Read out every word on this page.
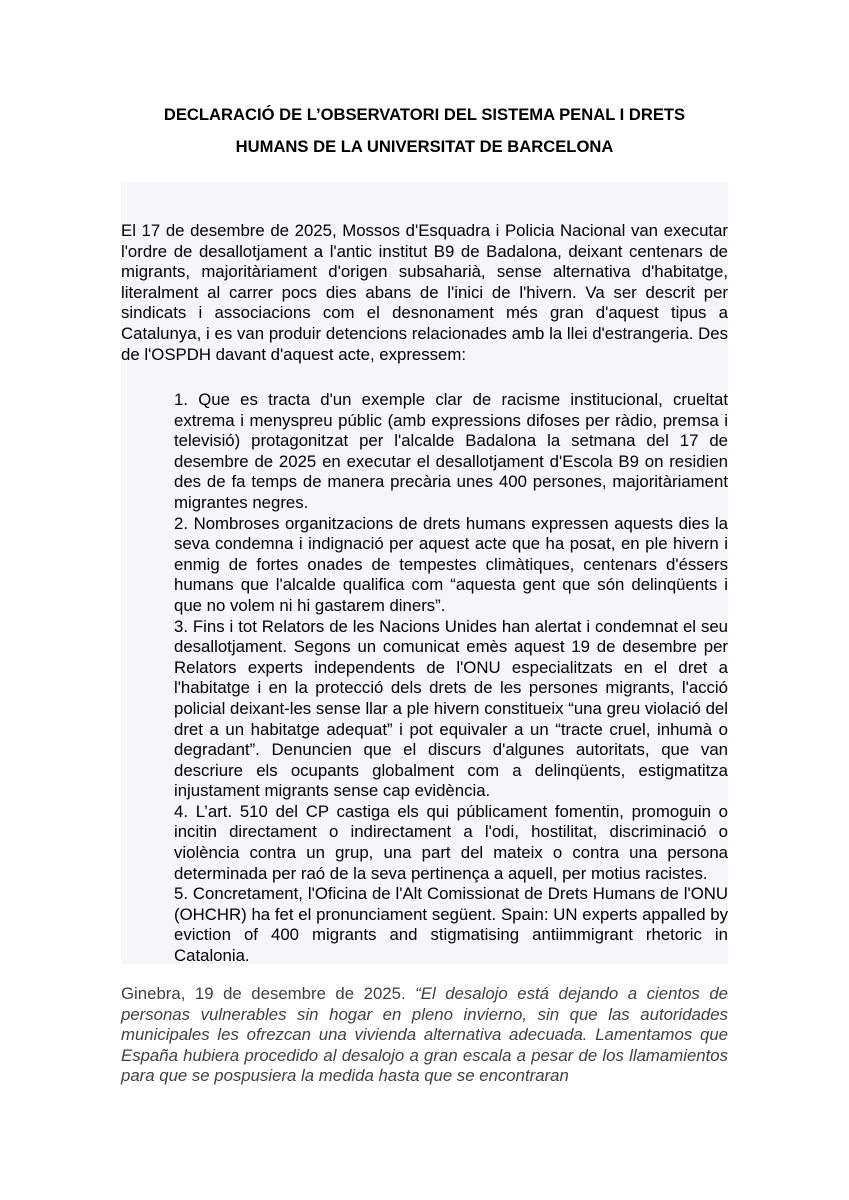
DECLARACIÓ DE L’OBSERVATORI DEL SISTEMA PENAL I DRETS
HUMANS DE LA UNIVERSITAT DE BARCELONA
El 17 de desembre de 2025, Mossos d'Esquadra i Policia Nacional van executar l'ordre de desallotjament a l'antic institut B9 de Badalona, deixant centenars de migrants, majoritàriament d'origen subsaharià, sense alternativa d'habitatge, literalment al carrer pocs dies abans de l'inici de l'hivern. Va ser descrit per sindicats i associacions com el desnonament més gran d'aquest tipus a Catalunya, i es van produir detencions relacionades amb la llei d'estrangeria. Des de l'OSPDH davant d'aquest acte, expressem:

1. Que es tracta d'un exemple clar de racisme institucional, crueltat extrema i menyspreu públic (amb expressions difoses per ràdio, premsa i televisió) protagonitzat per l'alcalde Badalona la setmana del 17 de desembre de 2025 en executar el desallotjament d'Escola B9 on residien des de fa temps de manera precària unes 400 persones, majoritàriament migrantes negres.

2. Nombroses organitzacions de drets humans expressen aquests dies la seva condemna i indignació per aquest acte que ha posat, en ple hivern i enmig de fortes onades de tempestes climàtiques, centenars d'éssers humans que l'alcalde qualifica com “aquesta gent que són delinqüents i que no volem ni hi gastarem diners”.

3. Fins i tot Relators de les Nacions Unides han alertat i condemnat el seu desallotjament. Segons un comunicat emès aquest 19 de desembre per Relators experts independents de l'ONU especialitzats en el dret a l'habitatge i en la protecció dels drets de les persones migrants, l'acció policial deixant-les sense llar a ple hivern constitueix “una greu violació del dret a un habitatge adequat” i pot equivaler a un “tracte cruel, inhumà o degradant”. Denuncien que el discurs d'algunes autoritats, que van descriure els ocupants globalment com a delinqüents, estigmatitza injustament migrants sense cap evidència.

4. L’art. 510 del CP castiga els qui públicament fomentin, promoguin o incitin directament o indirectament a l'odi, hostilitat, discriminació o violència contra un grup, una part del mateix o contra una persona determinada per raó de la seva pertinença a aquell, per motius racistes.

5. Concretament, l'Oficina de l'Alt Comissionat de Drets Humans de l'ONU (OHCHR) ha fet el pronunciament següent. Spain: UN experts appalled by eviction of 400 migrants and stigmatising antiimmigrant rhetoric in Catalonia.

Ginebra, 19 de desembre de 2025. “El desalojo está dejando a cientos de personas vulnerables sin hogar en pleno invierno, sin que las autoridades municipales les ofrezcan una vivienda alternativa adecuada. Lamentamos que España hubiera procedido al desalojo a gran escala a pesar de los llamamientos para que se pospusiera la medida hasta que se encontraran
